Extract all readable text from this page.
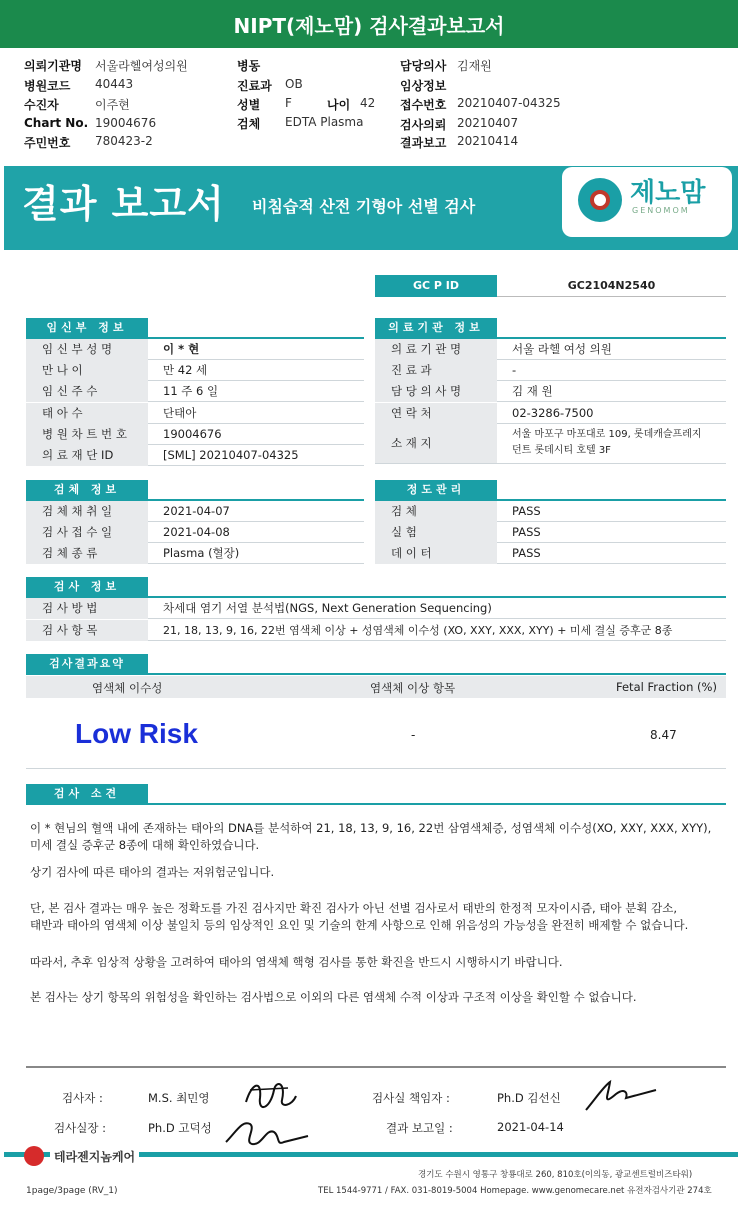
NIPT(제노맘) 검사결과보고서
의뢰기관명 서울라헬여성의원
병원코드 40443
수진자	이주현
Chart No. 19004676
주민번호 780423-2
병동
진료과 OB
성별 F	나이 42
검체 EDTA Plasma
담당의사 김재원
임상정보
접수번호 20210407-04325
검사의뢰 20210407
결과보고 20210414
결과 보고서 비침습적 산전 기형아 선별 검사	제노맘
GENOMOM
GC P ID	GC2104N2540
임신부 정보
임 신 부 성 명	이 * 현
만 나 이	만 42 세
임 신 주 수	11 주 6 일
태 아 수	단태아
병 원 차 트 번 호	19004676
의 료 재 단 ID	[SML] 20210407-04325
의료기관 정보
의 료 기 관 명	서울 라헬 여성 의원
진 료 과	-
담 당 의 사 명	김 재 원
연 락 처	02-3286-7500
소 재 지
서울 마포구 마포대로 109, 롯데캐슬프레지
던트 롯데시티 호텔 3F
검체 정보
검 체 채 취 일	2021-04-07
검 사 접 수 일	2021-04-08
검 체 종 류	Plasma (혈장)
정도관리
검 체	PASS
실 험	PASS
데 이 터	PASS
검사 정보
검 사 방 법	차세대 염기 서열 분석법(NGS, Next Generation Sequencing)
검 사 항 목	21, 18, 13, 9, 16, 22번 염색체 이상 + 성염색체 이수성 (XO, XXY, XXX, XYY) + 미세 결실 증후군 8종
검사결과요약
염색체 이수성	염색체 이상 항목	Fetal Fraction (%)
Low Risk	-	8.47
검사 소견
이 * 현님의 혈액 내에 존재하는 태아의 DNA를 분석하여 21, 18, 13, 9, 16, 22번 삼염색체증, 성염색체 이수성(XO, XXY, XXX, XYY),
미세 결실 증후군 8종에 대해 확인하였습니다.
상기 검사에 따른 태아의 결과는 저위험군입니다.
단, 본 검사 결과는 매우 높은 정확도를 가진 검사지만 확진 검사가 아닌 선별 검사로서 태반의 한정적 모자이시즘, 태아 분획 감소,
태반과 태아의 염색체 이상 불일치 등의 임상적인 요인 및 기술의 한계 사항으로 인해 위음성의 가능성을 완전히 배제할 수 없습니다.
따라서, 추후 임상적 상황을 고려하여 태아의 염색체 핵형 검사를 통한 확진을 반드시 시행하시기 바랍니다.
본 검사는 상기 항목의 위험성을 확인하는 검사법으로 이외의 다른 염색체 수적 이상과 구조적 이상을 확인할 수 없습니다.
검사자 :	M.S. 최민영
검사실장 :	Ph.D 고덕성
검사실 책임자 :	Ph.D 김선신
결과 보고일 :	2021-04-14
테라젠지놈케어
1page/3page (RV_1)
경기도 수원시 영통구 창룡대로 260, 810호(이의동, 광교센트럴비즈타워)
TEL 1544-9771 / FAX. 031-8019-5004 Homepage. www.genomecare.net 유전자검사기관 274호
